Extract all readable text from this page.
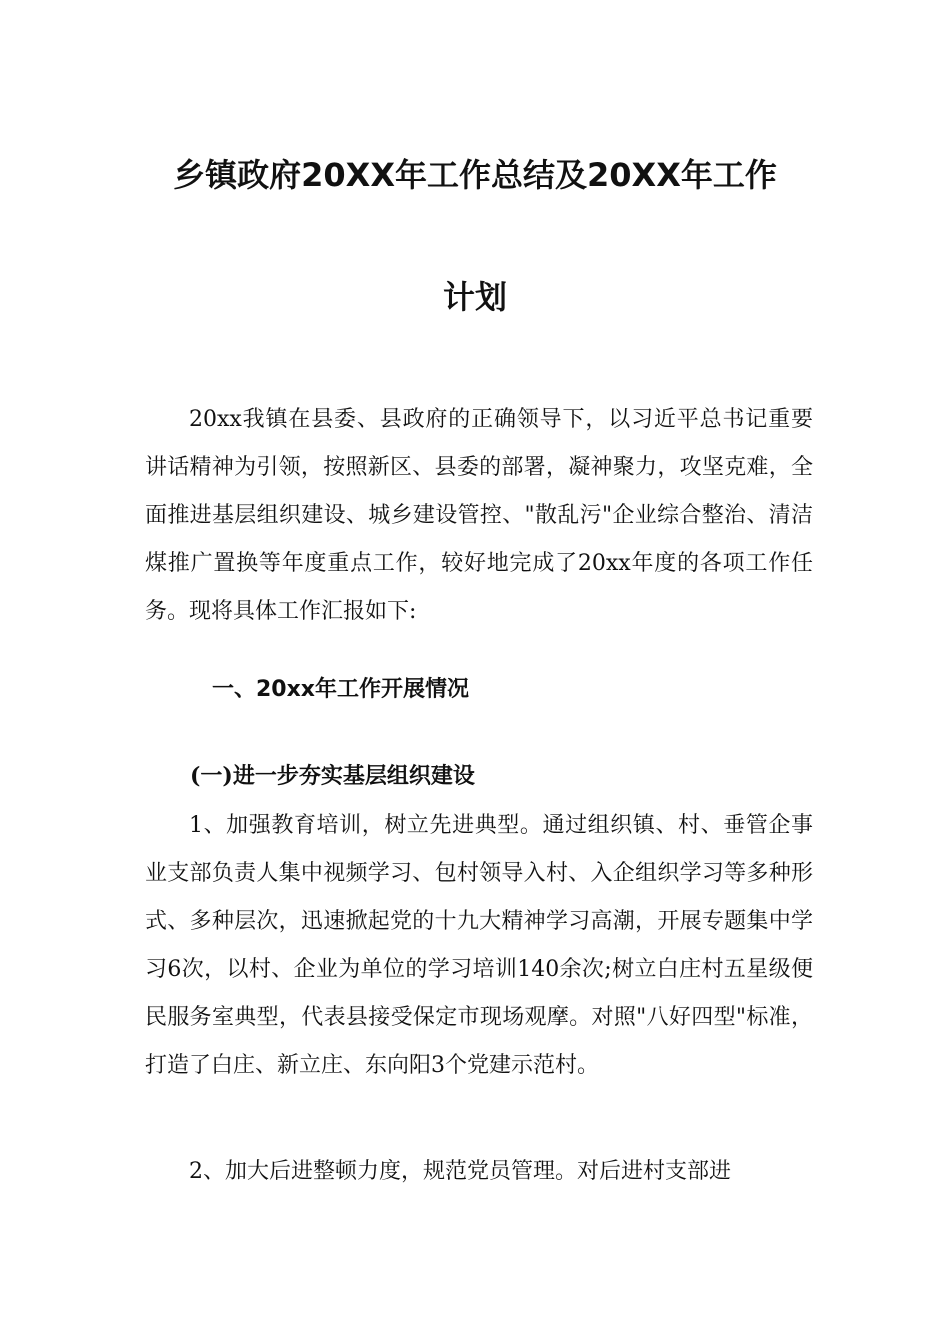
乡镇政府20XX年工作总结及20XX年工作
计划

20xx我镇在县委、县政府的正确领导下，以习近平总书记重要讲话精神为引领，按照新区、县委的部署，凝神聚力，攻坚克难，全面推进基层组织建设、城乡建设管控、"散乱污"企业综合整治、清洁煤推广置换等年度重点工作，较好地完成了20xx年度的各项工作任务。现将具体工作汇报如下:

一、20xx年工作开展情况
(一)进一步夯实基层组织建设

1、加强教育培训，树立先进典型。通过组织镇、村、垂管企事业支部负责人集中视频学习、包村领导入村、入企组织学习等多种形式、多种层次，迅速掀起党的十九大精神学习高潮，开展专题集中学习6次，以村、企业为单位的学习培训140余次;树立白庄村五星级便民服务室典型，代表县接受保定市现场观摩。对照"八好四型"标准，打造了白庄、新立庄、东向阳3个党建示范村。

2、加大后进整顿力度，规范党员管理。对后进村支部进
